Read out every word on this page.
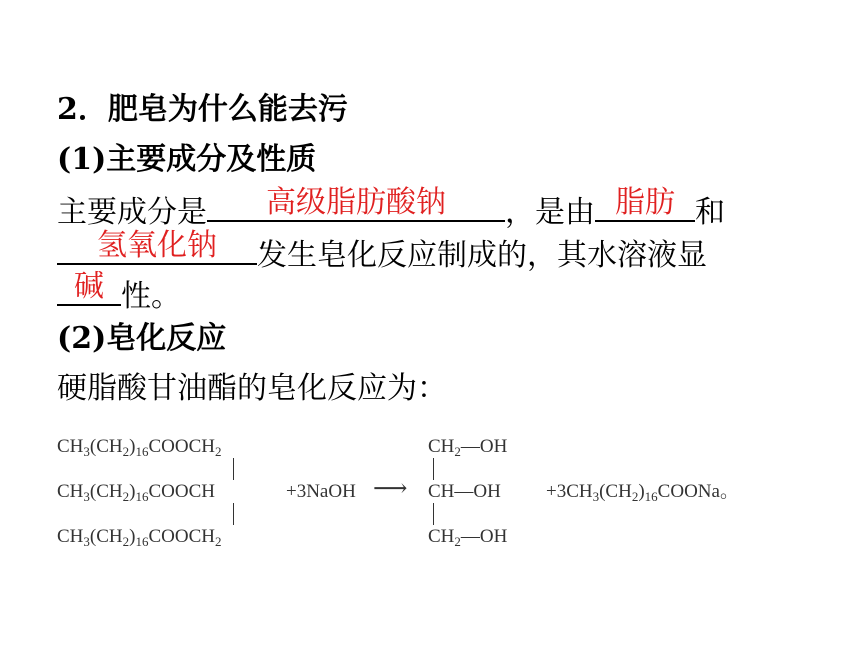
2．肥皂为什么能去污
(1)主要成分及性质
主要成分是	高级脂肪酸钠	，是由 脂肪 和
氢氧化钠	发生皂化反应制成的，其水溶液显
碱 性。
(2)皂化反应
硬脂酸甘油酯的皂化反应为：
$CH_3(CH_2)_{16}COOCH_2$
$CH_3(CH_2)_{16}COOCH$
$CH_3(CH_2)_{16}COOCH_2$
+3NaOH ⟶
$CH_2—OH$
CH—OH
$CH_2—OH$
$+3CH_3(CH_2)_{16}COONa$。
